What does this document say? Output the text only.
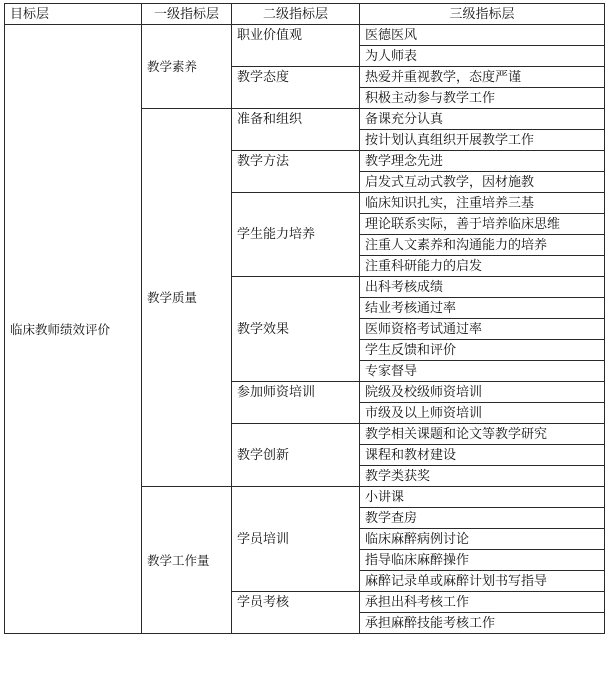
目标层	一级指标层	二级指标层	三级指标层
临床教师绩效评价	教学素养	职业价值观	医德医风
			为人师表
		教学态度	热爱并重视教学，态度严谨
			积极主动参与教学工作
	教学质量	准备和组织	备课充分认真
			按计划认真组织开展教学工作
		教学方法	教学理念先进
			启发式互动式教学，因材施教
		学生能力培养	临床知识扎实，注重培养三基
			理论联系实际，善于培养临床思维
			注重人文素养和沟通能力的培养
			注重科研能力的启发
		教学效果	出科考核成绩
			结业考核通过率
			医师资格考试通过率
			学生反馈和评价
			专家督导
		参加师资培训	院级及校级师资培训
			市级及以上师资培训
		教学创新	教学相关课题和论文等教学研究
			课程和教材建设
			教学类获奖
	教学工作量	学员培训	小讲课
			教学查房
			临床麻醉病例讨论
			指导临床麻醉操作
			麻醉记录单或麻醉计划书写指导
		学员考核	承担出科考核工作
			承担麻醉技能考核工作
